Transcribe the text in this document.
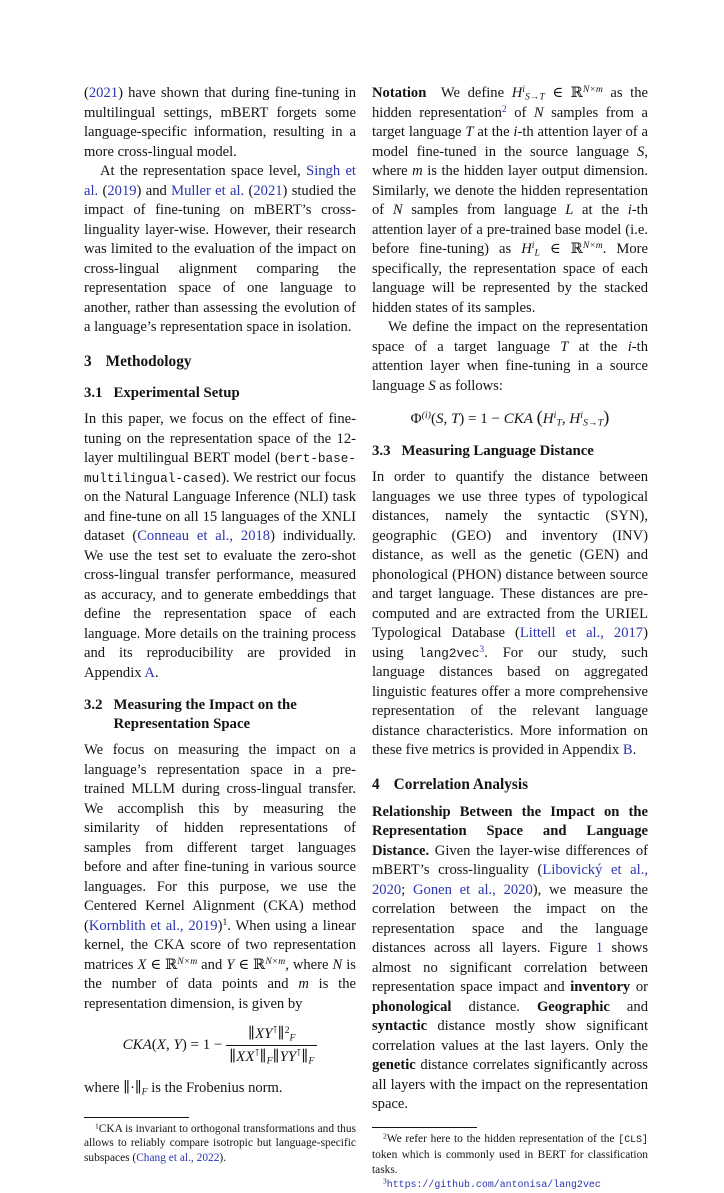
(2021) have shown that during fine-tuning in multilingual settings, mBERT forgets some language-specific information, resulting in a more cross-lingual model.

At the representation space level, Singh et al. (2019) and Muller et al. (2021) studied the impact of fine-tuning on mBERT’s cross-linguality layer-wise. However, their research was limited to the evaluation of the impact on cross-lingual alignment comparing the representation space of one language to another, rather than assessing the evolution of a language’s representation space in isolation.

3 Methodology
3.1 Experimental Setup

In this paper, we focus on the effect of fine-tuning on the representation space of the 12-layer multilingual BERT model (bert-base-multilingual-cased). We restrict our focus on the Natural Language Inference (NLI) task and fine-tune on all 15 languages of the XNLI dataset (Conneau et al., 2018) individually. We use the test set to evaluate the zero-shot cross-lingual transfer performance, measured as accuracy, and to generate embeddings that define the representation space of each language. More details on the training process and its reproducibility are provided in Appendix A.

3.2 Measuring the Impact on the Representation Space

We focus on measuring the impact on a language’s representation space in a pre-trained MLLM during cross-lingual transfer. We accomplish this by measuring the similarity of hidden representations of samples from different target languages before and after fine-tuning in various source languages. For this purpose, we use the Centered Kernel Alignment (CKA) method (Kornblith et al., 2019)$^1$. When using a linear kernel, the CKA score of two representation matrices X ∈ ℝ$^{N\times m}$ and Y ∈ ℝ$^{N\times m}$, where N is the number of data points and m is the representation dimension, is given by

CKA(X, $Y) = 1 - \frac{\parallel XY^⊺\parallel^2_F}{\parallel XX^⊺\parallel_F\parallel YY^⊺\parallel_F}$

where $\parallel\cdot\parallel_F$ is the Frobenius norm.

$^1$CKA is invariant to orthogonal transformations and thus allows to reliably compare isotropic but language-specific subspaces (Chang et al., 2022).

Notation We define $H^i_{S\to T}$ ∈ ℝ$^{N\times m}$ as the hidden representation$^2$ of N samples from a target language T at the i-th attention layer of a model fine-tuned in the source language S, where m is the hidden layer output dimension. Similarly, we denote the hidden representation of N samples from language L at the i-th attention layer of a pre-trained base model (i.e. before fine-tuning) as $H^i_L$ ∈ ℝ$^{N\times m}$. More specifically, the representation space of each language will be represented by the stacked hidden states of its samples.

We define the impact on the representation space of a target language T at the i-th attention layer when fine-tuning in a source language S as follows:

$\Phi^{(i)}(S$, T) = 1 − CKA ($H^i_T$, $H^i_{S\to T}$)
3.3 Measuring Language Distance

In order to quantify the distance between languages we use three types of typological distances, namely the syntactic (SYN), geographic (GEO) and inventory (INV) distance, as well as the genetic (GEN) and phonological (PHON) distance between source and target language. These distances are pre-computed and are extracted from the URIEL Typological Database (Littell et al., 2017) using lang2vec$^3$. For our study, such language distances based on aggregated linguistic features offer a more comprehensive representation of the relevant language distance characteristics. More information on these five metrics is provided in Appendix B.

4 Correlation Analysis

Relationship Between the Impact on the Representation Space and Language Distance. Given the layer-wise differences of mBERT’s cross-linguality (Libovický et al., 2020; Gonen et al., 2020), we measure the correlation between the impact on the representation space and the language distances across all layers. Figure 1 shows almost no significant correlation between representation space impact and inventory or phonological distance. Geographic and syntactic distance mostly show significant correlation values at the last layers. Only the genetic distance correlates significantly across all layers with the impact on the representation space.

$^2$We refer here to the hidden representation of the [CLS] token which is commonly used in BERT for classification tasks.

$^3$https://github.com/antonisa/lang2vec
